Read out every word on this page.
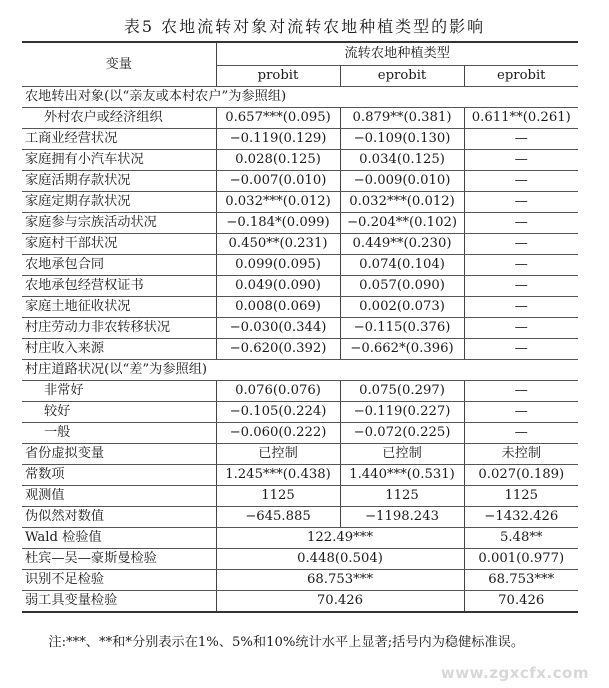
表5 农地流转对象对流转农地种植类型的影响
变量	流转农地种植类型		
	probit	eprobit	eprobit
农地转出对象(以“亲友或本村农户”为参照组)			
外村农户或经济组织	0.657***(0.095)	0.879**(0.381)	0.611**(0.261)
工商业经营状况	−0.119(0.129)	−0.109(0.130)	—
家庭拥有小汽车状况	0.028(0.125)	0.034(0.125)	—
家庭活期存款状况	−0.007(0.010)	−0.009(0.010)	—
家庭定期存款状况	0.032***(0.012)	0.032***(0.012)	—
家庭参与宗族活动状况	−0.184*(0.099)	−0.204**(0.102)	—
家庭村干部状况	0.450**(0.231)	0.449**(0.230)	—
农地承包合同	0.099(0.095)	0.074(0.104)	—
农地承包经营权证书	0.049(0.090)	0.057(0.090)	—
家庭土地征收状况	0.008(0.069)	0.002(0.073)	—
村庄劳动力非农转移状况	−0.030(0.344)	−0.115(0.376)	—
村庄收入来源	−0.620(0.392)	−0.662*(0.396)	—
村庄道路状况(以“差”为参照组)			
非常好	0.076(0.076)	0.075(0.297)	—
较好	−0.105(0.224)	−0.119(0.227)	—
一般	−0.060(0.222)	−0.072(0.225)	—
省份虚拟变量	已控制	已控制	未控制
常数项	1.245***(0.438)	1.440***(0.531)	0.027(0.189)
观测值	1125	1125	1125
伪似然对数值	−645.885	−1198.243	−1432.426
Wald 检验值	122.49***		5.48**
杜宾—吴—豪斯曼检验	0.448(0.504)		0.001(0.977)
识别不足检验	68.753***		68.753***
弱工具变量检验	70.426		70.426
注:***、**和*分别表示在1%、5%和10%统计水平上显著;括号内为稳健标准误。
www.zgxcfx.com
